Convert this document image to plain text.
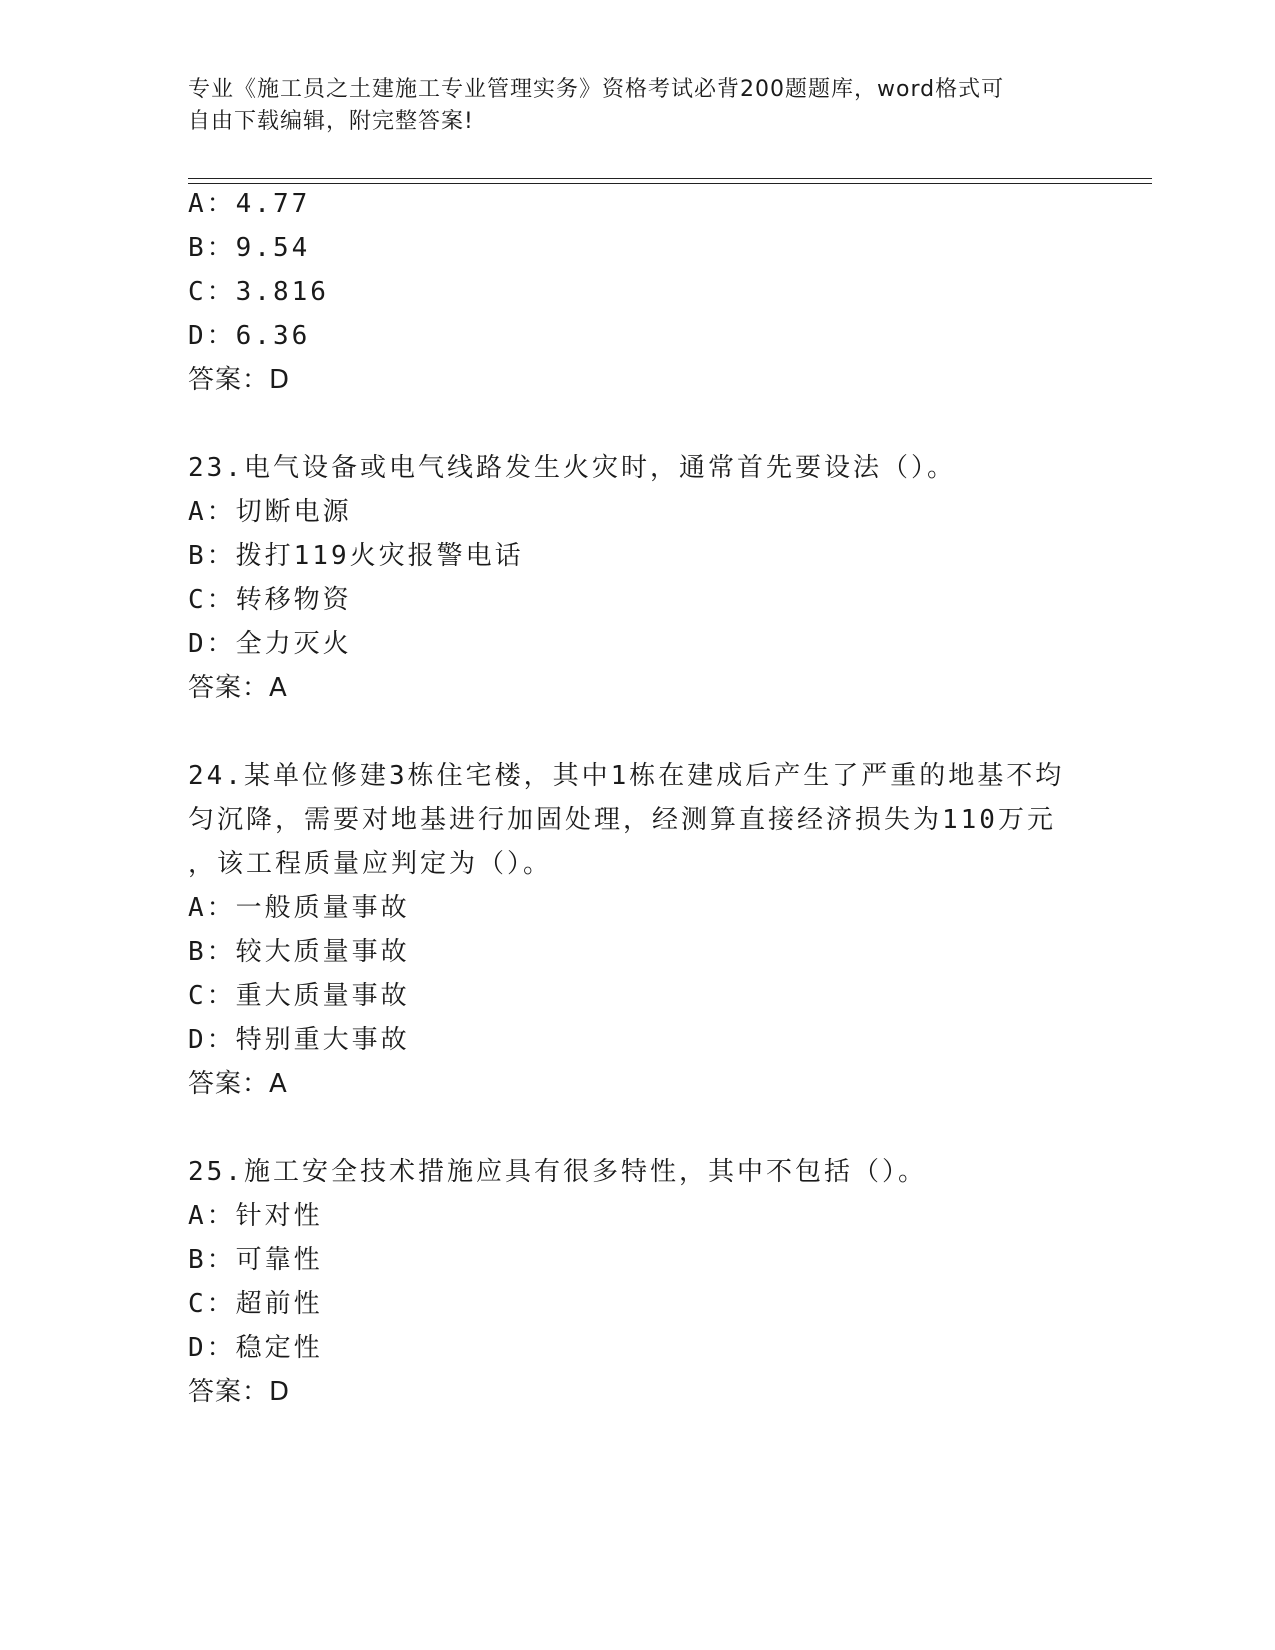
专业《施工员之土建施工专业管理实务》资格考试必背200题题库，word格式可
自由下载编辑，附完整答案!
A：4.77
B：9.54
C：3.816
D：6.36
答案：D
23.电气设备或电气线路发生火灾时，通常首先要设法（）。
A：切断电源
B：拨打119火灾报警电话
C：转移物资
D：全力灭火
答案：A
24.某单位修建3栋住宅楼，其中1栋在建成后产生了严重的地基不均
匀沉降，需要对地基进行加固处理，经测算直接经济损失为110万元
，该工程质量应判定为（）。
A：一般质量事故
B：较大质量事故
C：重大质量事故
D：特别重大事故
答案：A
25.施工安全技术措施应具有很多特性，其中不包括（）。
A：针对性
B：可靠性
C：超前性
D：稳定性
答案：D
